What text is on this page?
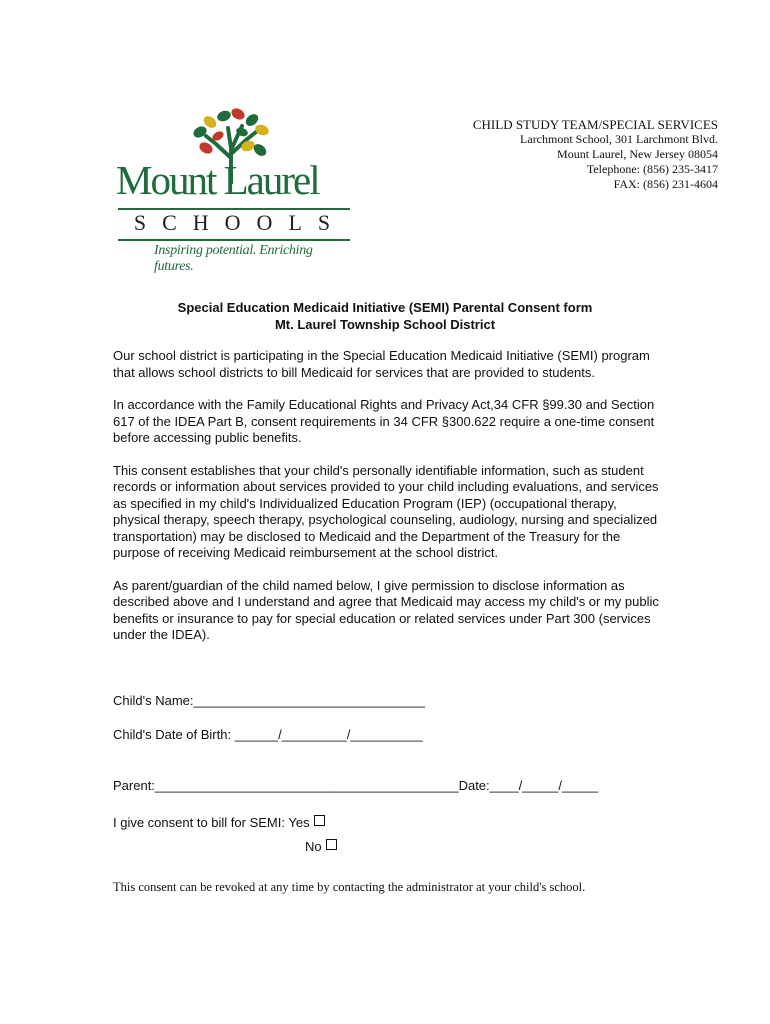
Mount Laurel
SCHOOLS
Inspiring potential. Enriching futures.
CHILD STUDY TEAM/SPECIAL SERVICES
Larchmont School, 301 Larchmont Blvd.
Mount Laurel, New Jersey 08054
Telephone: (856) 235-3417
FAX: (856) 231-4604
Special Education Medicaid Initiative (SEMI) Parental Consent form
Mt. Laurel Township School District

Our school district is participating in the Special Education Medicaid Initiative (SEMI) program that allows school districts to bill Medicaid for services that are provided to students.

In accordance with the Family Educational Rights and Privacy Act,34 CFR §99.30 and Section 617 of the IDEA Part B, consent requirements in 34 CFR §300.622 require a one-time consent before accessing public benefits.

This consent establishes that your child's personally identifiable information, such as student records or information about services provided to your child including evaluations, and services as specified in my child's Individualized Education Program (IEP) (occupational therapy, physical therapy, speech therapy, psychological counseling, audiology, nursing and specialized transportation) may be disclosed to Medicaid and the Department of the Treasury for the purpose of receiving Medicaid reimbursement at the school district.

As parent/guardian of the child named below, I give permission to disclose information as described above and I understand and agree that Medicaid may access my child's or my public benefits or insurance to pay for special education or related services under Part 300 (services under the IDEA).

Child's Name:________________________________
Child's Date of Birth: ______/_________/__________
Parent:__________________________________________Date:____/_____/_____
I give consent to bill for SEMI: Yes
No
This consent can be revoked at any time by contacting the administrator at your child's school.
